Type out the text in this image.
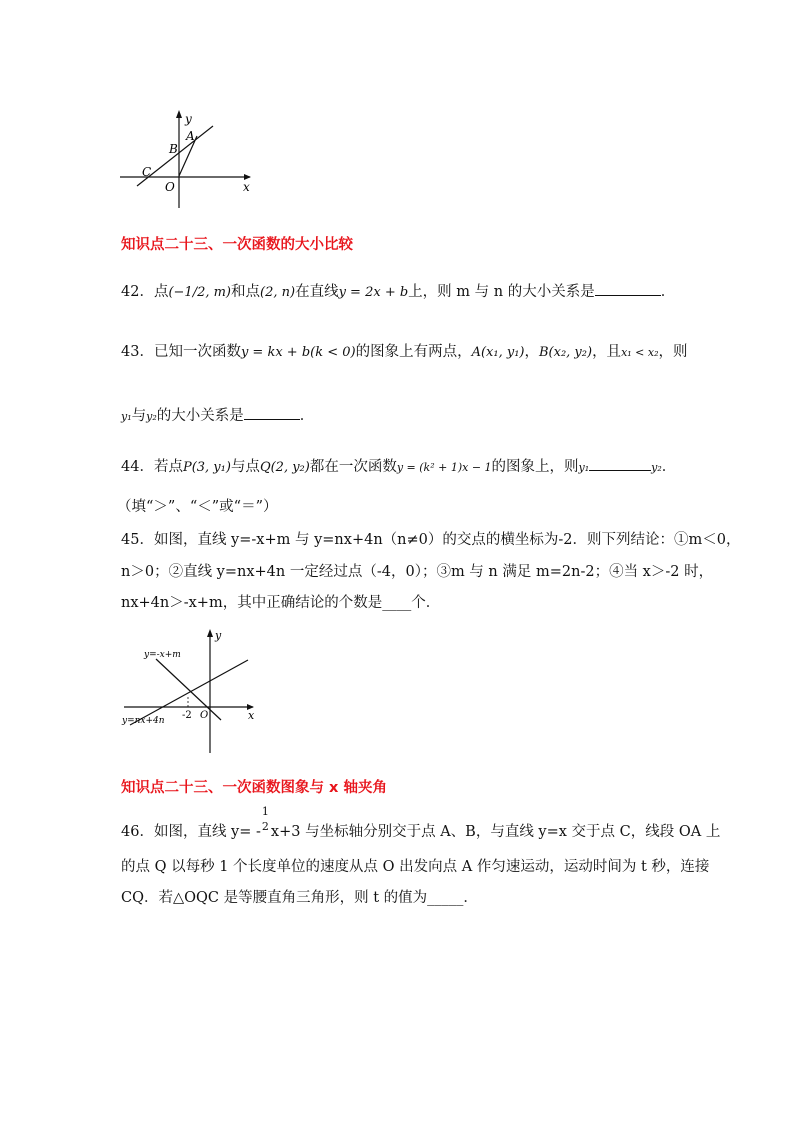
y
x
A
B
C
O
知识点二十三、一次函数的大小比较
42．点(−1/2, m)和点(2, n)在直线y = 2x + b上，则 m 与 n 的大小关系是	．
43．已知一次函数y = kx + b(k < 0)的图象上有两点，A(x₁, y₁)，B(x₂, y₂)，且x₁ < x₂，则
y₁与y₂的大小关系是	．
44．若点P(3, y₁)与点Q(2, y₂)都在一次函数y = (k² + 1)x − 1的图象上，则y₁	y₂．
（填“＞”、“＜”或“＝”）
45．如图，直线 y=-x+m 与 y=nx+4n（n≠0）的交点的横坐标为-2．则下列结论：①m＜0，
n＞0；②直线 y=nx+4n 一定经过点（-4，0）；③m 与 n 满足 m=2n-2；④当 x＞-2 时，
nx+4n＞-x+m，其中正确结论的个数是____个．
y
x
y=-x+m
y=nx+4n -2 O
知识点二十三、一次函数图象与 x 轴夹角
46．如图，直线 y= -
1
2 x+3 与坐标轴分别交于点 A、B，与直线 y=x 交于点 C，线段 OA 上
的点 Q 以每秒 1 个长度单位的速度从点 O 出发向点 A 作匀速运动，运动时间为 t 秒，连接
CQ．若△OQC 是等腰直角三角形，则 t 的值为_____．
